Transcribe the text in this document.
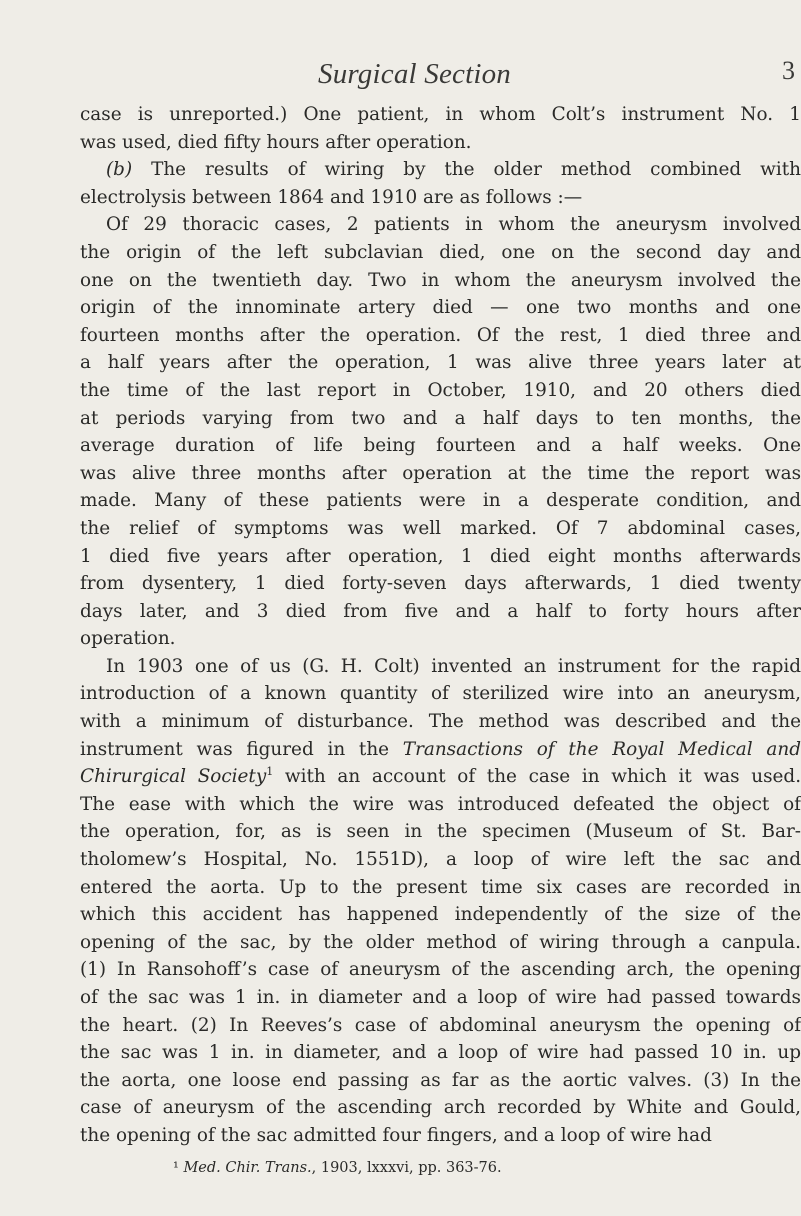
Surgical Section	3
case is unreported.) One patient, in whom Colt’s instrument No. 1
was used, died fifty hours after operation.
(b) The results of wiring by the older method combined with
electrolysis between 1864 and 1910 are as follows :—
Of 29 thoracic cases, 2 patients in whom the aneurysm involved
the origin of the left subclavian died, one on the second day and
one on the twentieth day. Two in whom the aneurysm involved the
origin of the innominate artery died — one two months and one
fourteen months after the operation. Of the rest, 1 died three and
a half years after the operation, 1 was alive three years later at
the time of the last report in October, 1910, and 20 others died
at periods varying from two and a half days to ten months, the
average duration of life being fourteen and a half weeks. One
was alive three months after operation at the time the report was
made. Many of these patients were in a desperate condition, and
the relief of symptoms was well marked. Of 7 abdominal cases,
1 died five years after operation, 1 died eight months afterwards
from dysentery, 1 died forty-seven days afterwards, 1 died twenty
days later, and 3 died from five and a half to forty hours after
operation.
In 1903 one of us (G. H. Colt) invented an instrument for the rapid
introduction of a known quantity of sterilized wire into an aneurysm,
with a minimum of disturbance. The method was described and the
instrument was figured in the Transactions of the Royal Medical and
Chirurgical Society$^1$ with an account of the case in which it was used.
The ease with which the wire was introduced defeated the object of
the operation, for, as is seen in the specimen (Museum of St. Bar-
tholomew’s Hospital, No. 1551D), a loop of wire left the sac and
entered the aorta. Up to the present time six cases are recorded in
which this accident has happened independently of the size of the
opening of the sac, by the older method of wiring through a canpula.
(1) In Ransohoff’s case of aneurysm of the ascending arch, the opening
of the sac was 1 in. in diameter and a loop of wire had passed towards
the heart. (2) In Reeves’s case of abdominal aneurysm the opening of
the sac was 1 in. in diameter, and a loop of wire had passed 10 in. up
the aorta, one loose end passing as far as the aortic valves. (3) In the
case of aneurysm of the ascending arch recorded by White and Gould,
the opening of the sac admitted four fingers, and a loop of wire had
¹ Med. Chir. Trans., 1903, lxxxvi, pp. 363-76.
